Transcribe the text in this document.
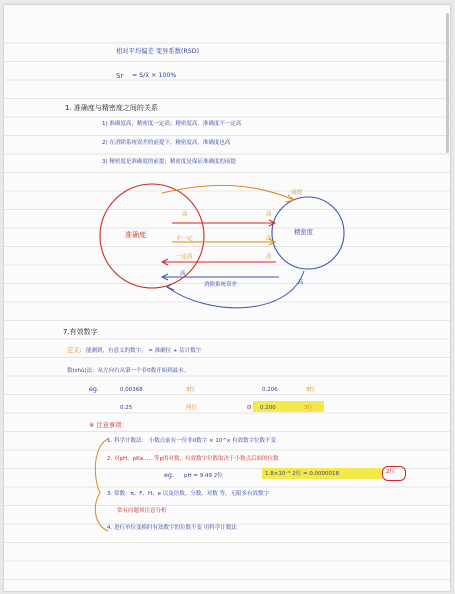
相对平均偏差 变异系数(RSD)
Sr = S/x̄ × 100%
1. 准确度与精密度之间的关系
1) 准确度高，精密度一定高；精密度高，准确度不一定高
2) 在消除系统误差的前提下，精密度高，准确度也高
3) 精密度是准确度的前提；精密度是保证准确度的前提
准确度	精密度
前提
高	高
不一定	高
一定高	高
高
高
消除系统误差
7.有效数字
定义: 能测到，有意义的数字。 = 准确位 + 估计数字
数(shǔ)法：从左向右从第一个非0数开始到最末。
eg.	0.00368	3位	0.206	3位
0.25	两位	Ø 0.200	3位
※ 注意事项：
1. 科学计数法： 小数点前有一位非0数字 × 10^x 有效数字位数不变
2. 对pH、pKa……等p的对数，有效数字位数取决于小数点后面的位数
eg. pH = 9.49 2位	1.8×10⁻⁶ 2位 = 0.0000018	2位
3. 常数：π、F、H、e 以及倍数、分数、对数 等，无限多有效数字
常有问题须注意分析
4. 进行单位变换时有效数字的位数不变 用科学计数法
